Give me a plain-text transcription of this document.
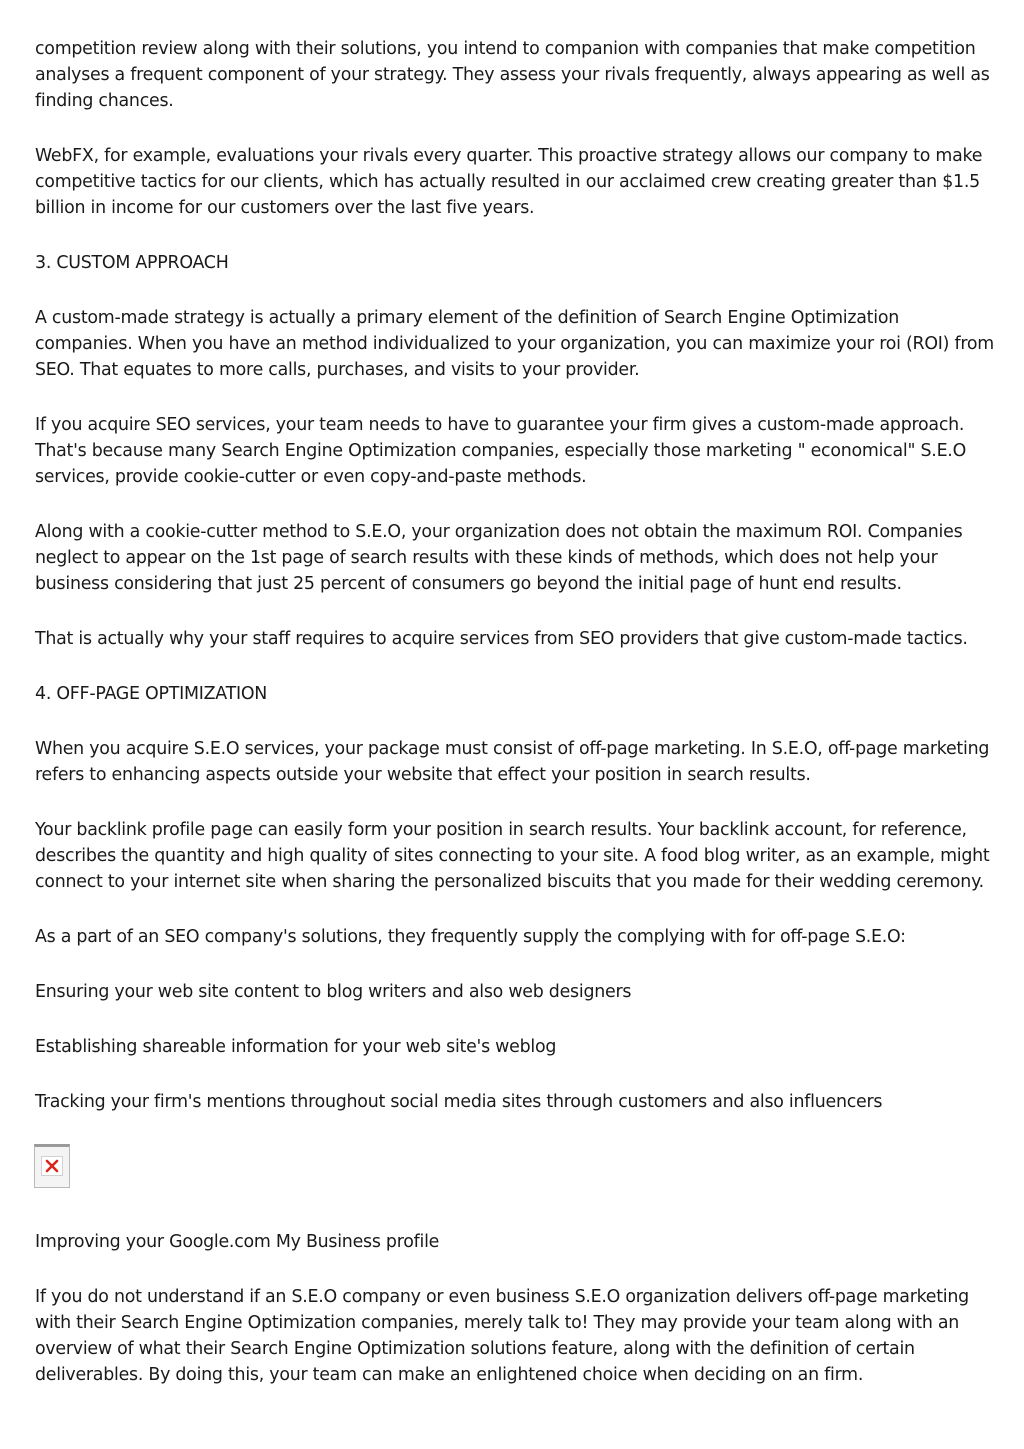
competition review along with their solutions, you intend to companion with companies that make competition analyses a frequent component of your strategy. They assess your rivals frequently, always appearing as well as finding chances.

WebFX, for example, evaluations your rivals every quarter. This proactive strategy allows our company to make competitive tactics for our clients, which has actually resulted in our acclaimed crew creating greater than $1.5 billion in income for our customers over the last five years.

3. CUSTOM APPROACH

A custom-made strategy is actually a primary element of the definition of Search Engine Optimization companies. When you have an method individualized to your organization, you can maximize your roi (ROI) from SEO. That equates to more calls, purchases, and visits to your provider.

If you acquire SEO services, your team needs to have to guarantee your firm gives a custom-made approach. That's because many Search Engine Optimization companies, especially those marketing " economical" S.E.O services, provide cookie-cutter or even copy-and-paste methods.

Along with a cookie-cutter method to S.E.O, your organization does not obtain the maximum ROI. Companies neglect to appear on the 1st page of search results with these kinds of methods, which does not help your business considering that just 25 percent of consumers go beyond the initial page of hunt end results.

That is actually why your staff requires to acquire services from SEO providers that give custom-made tactics.

4. OFF-PAGE OPTIMIZATION

When you acquire S.E.O services, your package must consist of off-page marketing. In S.E.O, off-page marketing refers to enhancing aspects outside your website that effect your position in search results.

Your backlink profile page can easily form your position in search results. Your backlink account, for reference, describes the quantity and high quality of sites connecting to your site. A food blog writer, as an example, might connect to your internet site when sharing the personalized biscuits that you made for their wedding ceremony.

As a part of an SEO company's solutions, they frequently supply the complying with for off-page S.E.O:

Ensuring your web site content to blog writers and also web designers

Establishing shareable information for your web site's weblog

Tracking your firm's mentions throughout social media sites through customers and also influencers

Improving your Google.com My Business profile

If you do not understand if an S.E.O company or even business S.E.O organization delivers off-page marketing with their Search Engine Optimization companies, merely talk to! They may provide your team along with an overview of what their Search Engine Optimization solutions feature, along with the definition of certain deliverables. By doing this, your team can make an enlightened choice when deciding on an firm.
